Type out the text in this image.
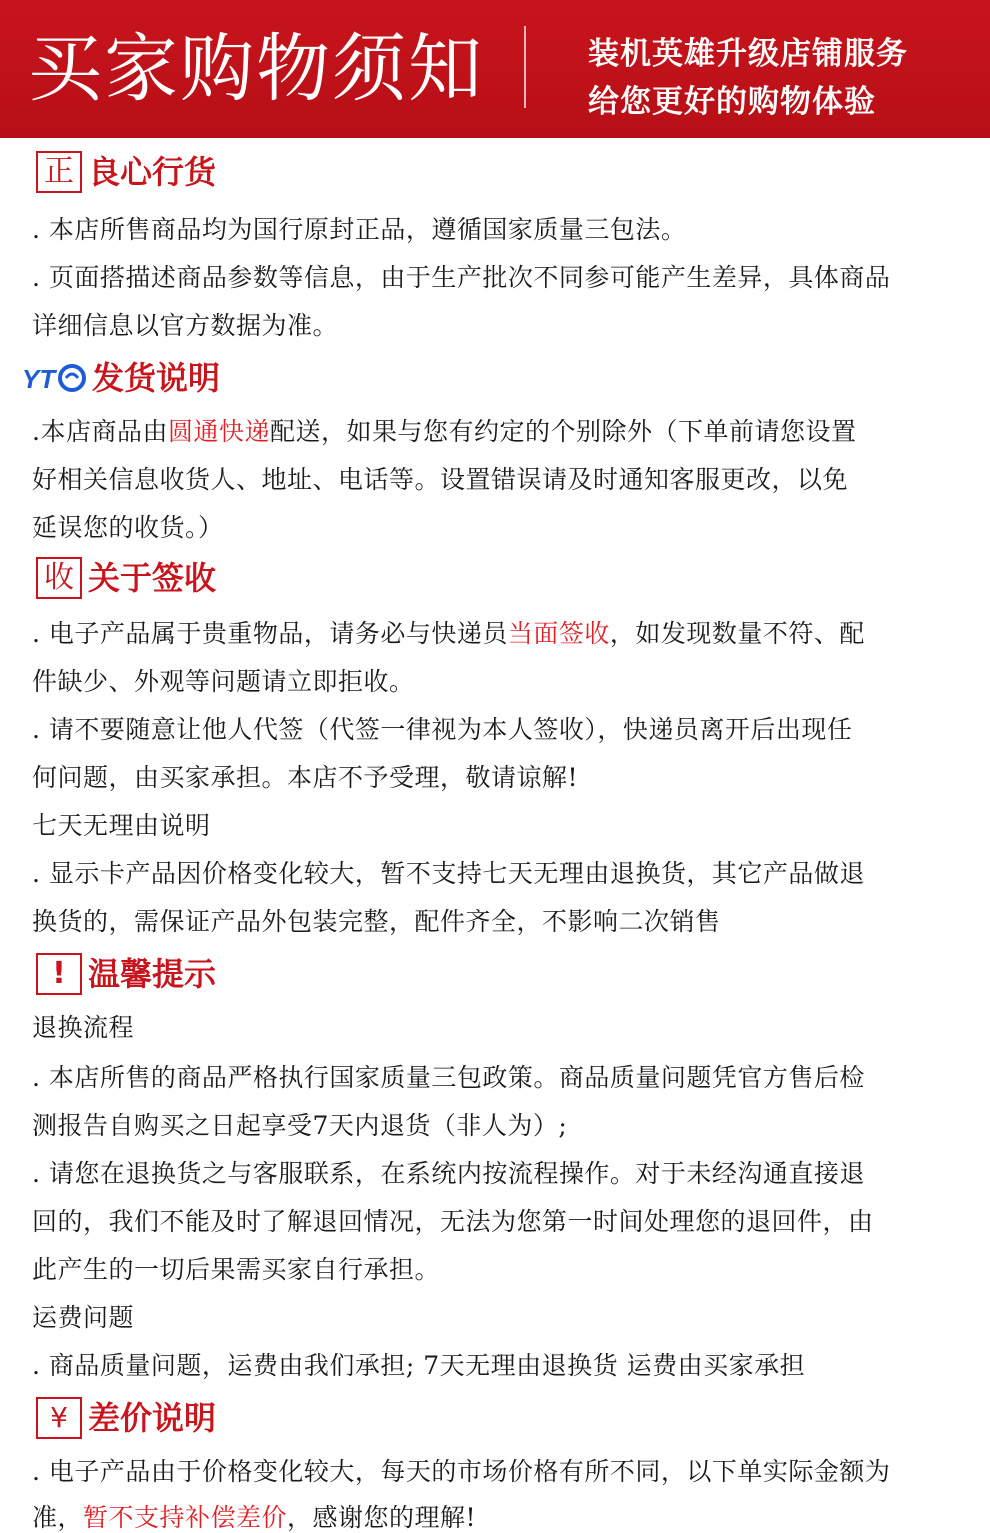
买家购物须知	装机英雄升级店铺服务
给您更好的购物体验
正 良心行货
. 本店所售商品均为国行原封正品，遵循国家质量三包法。
. 页面搭描述商品参数等信息，由于生产批次不同参可能产生差异，具体商品
详细信息以官方数据为准。
YT 发货说明
.本店商品由圆通快递配送，如果与您有约定的个别除外（下单前请您设置
好相关信息收货人、地址、电话等。设置错误请及时通知客服更改，以免
延误您的收货。）
收 关于签收
. 电子产品属于贵重物品，请务必与快递员当面签收，如发现数量不符、配
件缺少、外观等问题请立即拒收。
. 请不要随意让他人代签（代签一律视为本人签收），快递员离开后出现任
何问题，由买家承担。本店不予受理，敬请谅解!
七天无理由说明
. 显示卡产品因价格变化较大，暂不支持七天无理由退换货，其它产品做退
换货的，需保证产品外包装完整，配件齐全，不影响二次销售
! 温馨提示
退换流程
. 本店所售的商品严格执行国家质量三包政策。商品质量问题凭官方售后检
测报告自购买之日起享受7天内退货（非人为）;
. 请您在退换货之与客服联系，在系统内按流程操作。对于未经沟通直接退
回的，我们不能及时了解退回情况，无法为您第一时间处理您的退回件，由
此产生的一切后果需买家自行承担。
运费问题
. 商品质量问题，运费由我们承担; 7天无理由退换货 运费由买家承担
¥ 差价说明
. 电子产品由于价格变化较大，每天的市场价格有所不同，以下单实际金额为
准，暂不支持补偿差价，感谢您的理解!
